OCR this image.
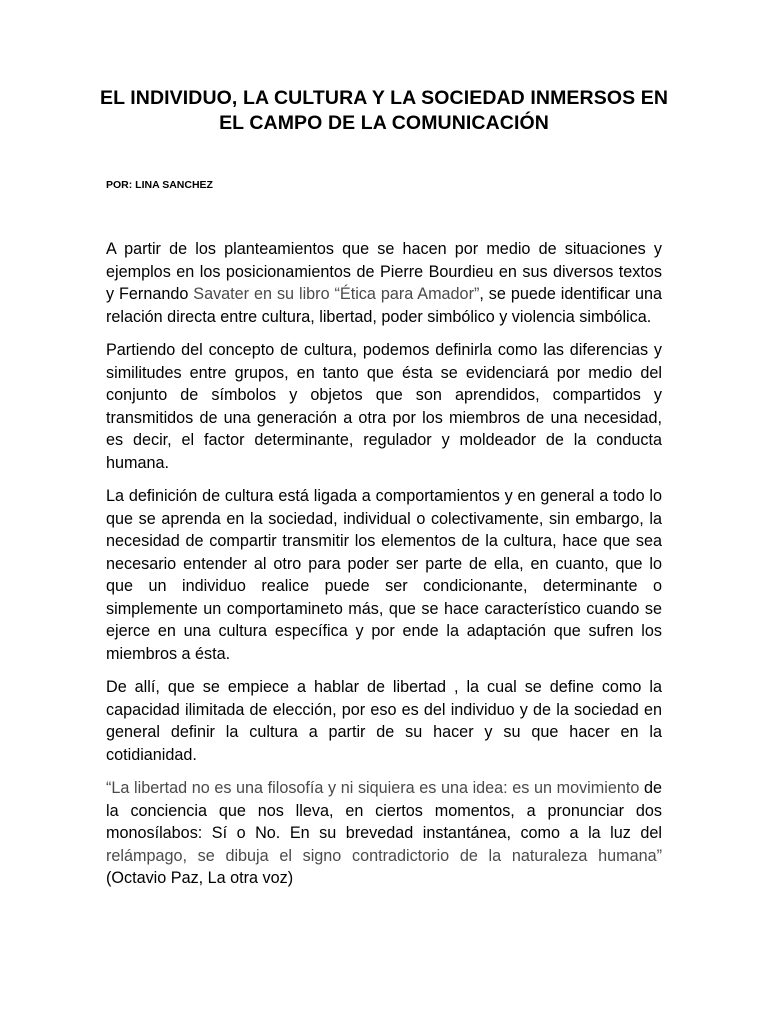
EL INDIVIDUO, LA CULTURA Y LA SOCIEDAD INMERSOS EN
EL CAMPO DE LA COMUNICACIÓN

POR: LINA SANCHEZ

A partir de los planteamientos que se hacen por medio de situaciones y ejemplos en los posicionamientos de Pierre Bourdieu en sus diversos textos y Fernando Savater en su libro “Ética para Amador”, se puede identificar una relación directa entre cultura, libertad, poder simbólico y violencia simbólica.

Partiendo del concepto de cultura, podemos definirla como las diferencias y similitudes entre grupos, en tanto que ésta se evidenciará por medio del conjunto de símbolos y objetos que son aprendidos, compartidos y transmitidos de una generación a otra por los miembros de una necesidad, es decir, el factor determinante, regulador y moldeador de la conducta humana.

La definición de cultura está ligada a comportamientos y en general a todo lo que se aprenda en la sociedad, individual o colectivamente, sin embargo, la necesidad de compartir transmitir los elementos de la cultura, hace que sea necesario entender al otro para poder ser parte de ella, en cuanto, que lo que un individuo realice puede ser condicionante, determinante o simplemente un comportamineto más, que se hace característico cuando se ejerce en una cultura específica y por ende la adaptación que sufren los miembros a ésta.

De allí, que se empiece a hablar de libertad , la cual se define como la capacidad ilimitada de elección, por eso es del individuo y de la sociedad en general definir la cultura a partir de su hacer y su que hacer en la cotidianidad.

“La libertad no es una filosofía y ni siquiera es una idea: es un movimiento de la conciencia que nos lleva, en ciertos momentos, a pronunciar dos monosílabos: Sí o No. En su brevedad instantánea, como a la luz del relámpago, se dibuja el signo contradictorio de la naturaleza humana” (Octavio Paz, La otra voz)
